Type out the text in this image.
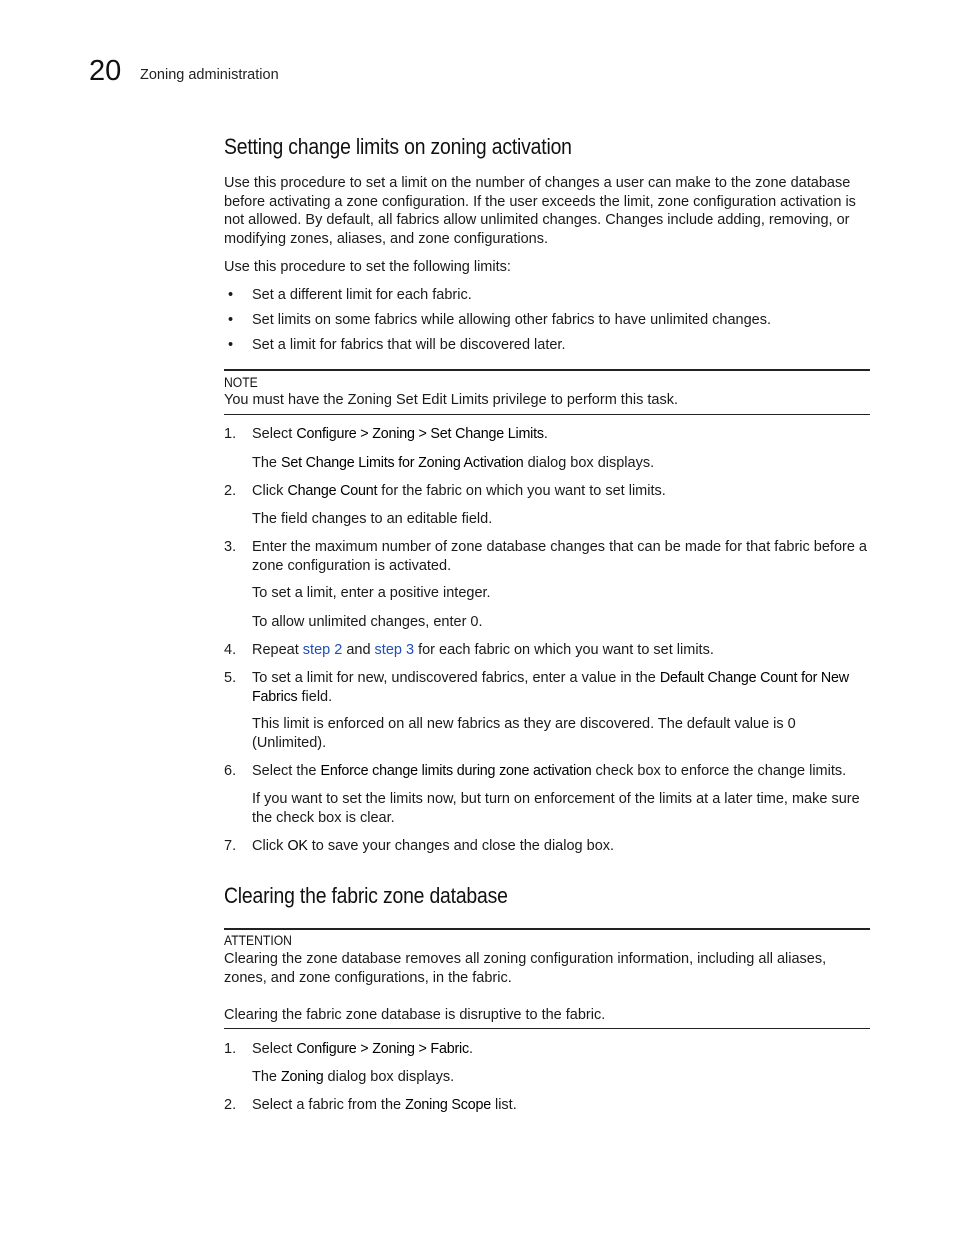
20 Zoning administration
Setting change limits on zoning activation

Use this procedure to set a limit on the number of changes a user can make to the zone database before activating a zone configuration. If the user exceeds the limit, zone configuration activation is not allowed. By default, all fabrics allow unlimited changes. Changes include adding, removing, or modifying zones, aliases, and zone configurations.

Use this procedure to set the following limits:

• Set a different limit for each fabric.
• Set limits on some fabrics while allowing other fabrics to have unlimited changes.
• Set a limit for fabrics that will be discovered later.
NOTE

You must have the Zoning Set Edit Limits privilege to perform this task.

1. Select Configure > Zoning > Set Change Limits.
The Set Change Limits for Zoning Activation dialog box displays.
2. Click Change Count for the fabric on which you want to set limits.
The field changes to an editable field.
3. Enter the maximum number of zone database changes that can be made for that fabric before a zone configuration is activated.
To set a limit, enter a positive integer.
To allow unlimited changes, enter 0.
4. Repeat step 2 and step 3 for each fabric on which you want to set limits.
5. To set a limit for new, undiscovered fabrics, enter a value in the Default Change Count for New Fabrics field.
This limit is enforced on all new fabrics as they are discovered. The default value is 0 (Unlimited).
6. Select the Enforce change limits during zone activation check box to enforce the change limits.
If you want to set the limits now, but turn on enforcement of the limits at a later time, make sure the check box is clear.
7. Click OK to save your changes and close the dialog box.
Clearing the fabric zone database
ATTENTION

Clearing the zone database removes all zoning configuration information, including all aliases, zones, and zone configurations, in the fabric.

Clearing the fabric zone database is disruptive to the fabric.

1. Select Configure > Zoning > Fabric.
The Zoning dialog box displays.
2. Select a fabric from the Zoning Scope list.
